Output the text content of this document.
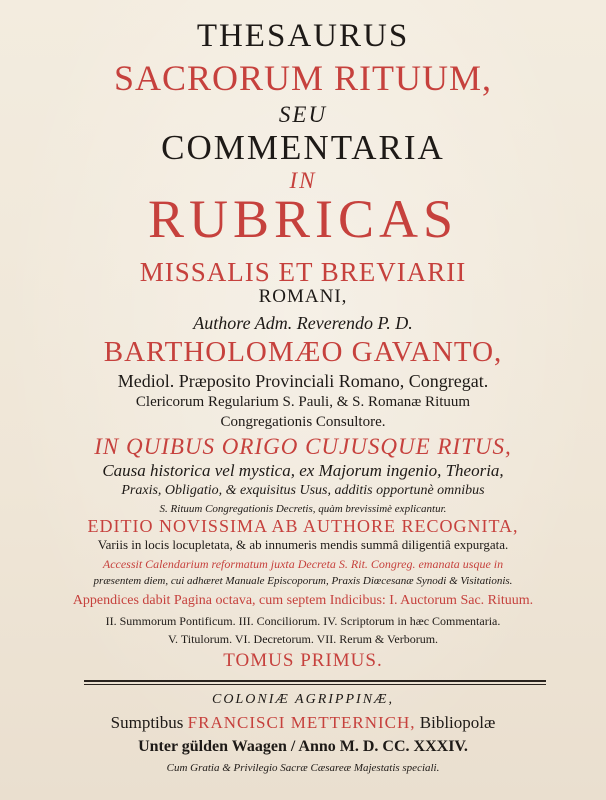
THESAURUS
SACRORUM RITUUM,
SEU
COMMENTARIA
IN
RUBRICAS
MISSALIS ET BREVIARII
ROMANI,
Authore Adm. Reverendo P. D.
BARTHOLOMÆO GAVANTO,
Mediol. Præposito Provinciali Romano, Congregat.
Clericorum Regularium S. Pauli, & S. Romanæ Rituum
Congregationis Consultore.
IN QUIBUS ORIGO CUJUSQUE RITUS,
Causa historica vel mystica, ex Majorum ingenio, Theoria,
Praxis, Obligatio, & exquisitus Usus, additis opportunè omnibus
S. Rituum Congregationis Decretis, quàm brevissimè explicantur.
EDITIO NOVISSIMA AB AUTHORE RECOGNITA,
Variis in locis locupletata, & ab innumeris mendis summâ diligentiâ expurgata.
Accessit Calendarium reformatum juxta Decreta S. Rit. Congreg. emanata usque in
præsentem diem, cui adhæret Manuale Episcoporum, Praxis Diœcesanæ Synodi & Visitationis.
Appendices dabit Pagina octava, cum septem Indicibus: I. Auctorum Sac. Rituum.
II. Summorum Pontificum. III. Conciliorum. IV. Scriptorum in hæc Commentaria.
V. Titulorum. VI. Decretorum. VII. Rerum & Verborum.
TOMUS PRIMUS.
COLONIÆ AGRIPPINÆ,
Sumptibus FRANCISCI METTERNICH, Bibliopolæ
Unter gülden Waagen / Anno M. D. CC. XXXIV.
Cum Gratia & Privilegio Sacræ Cæsareæ Majestatis speciali.
